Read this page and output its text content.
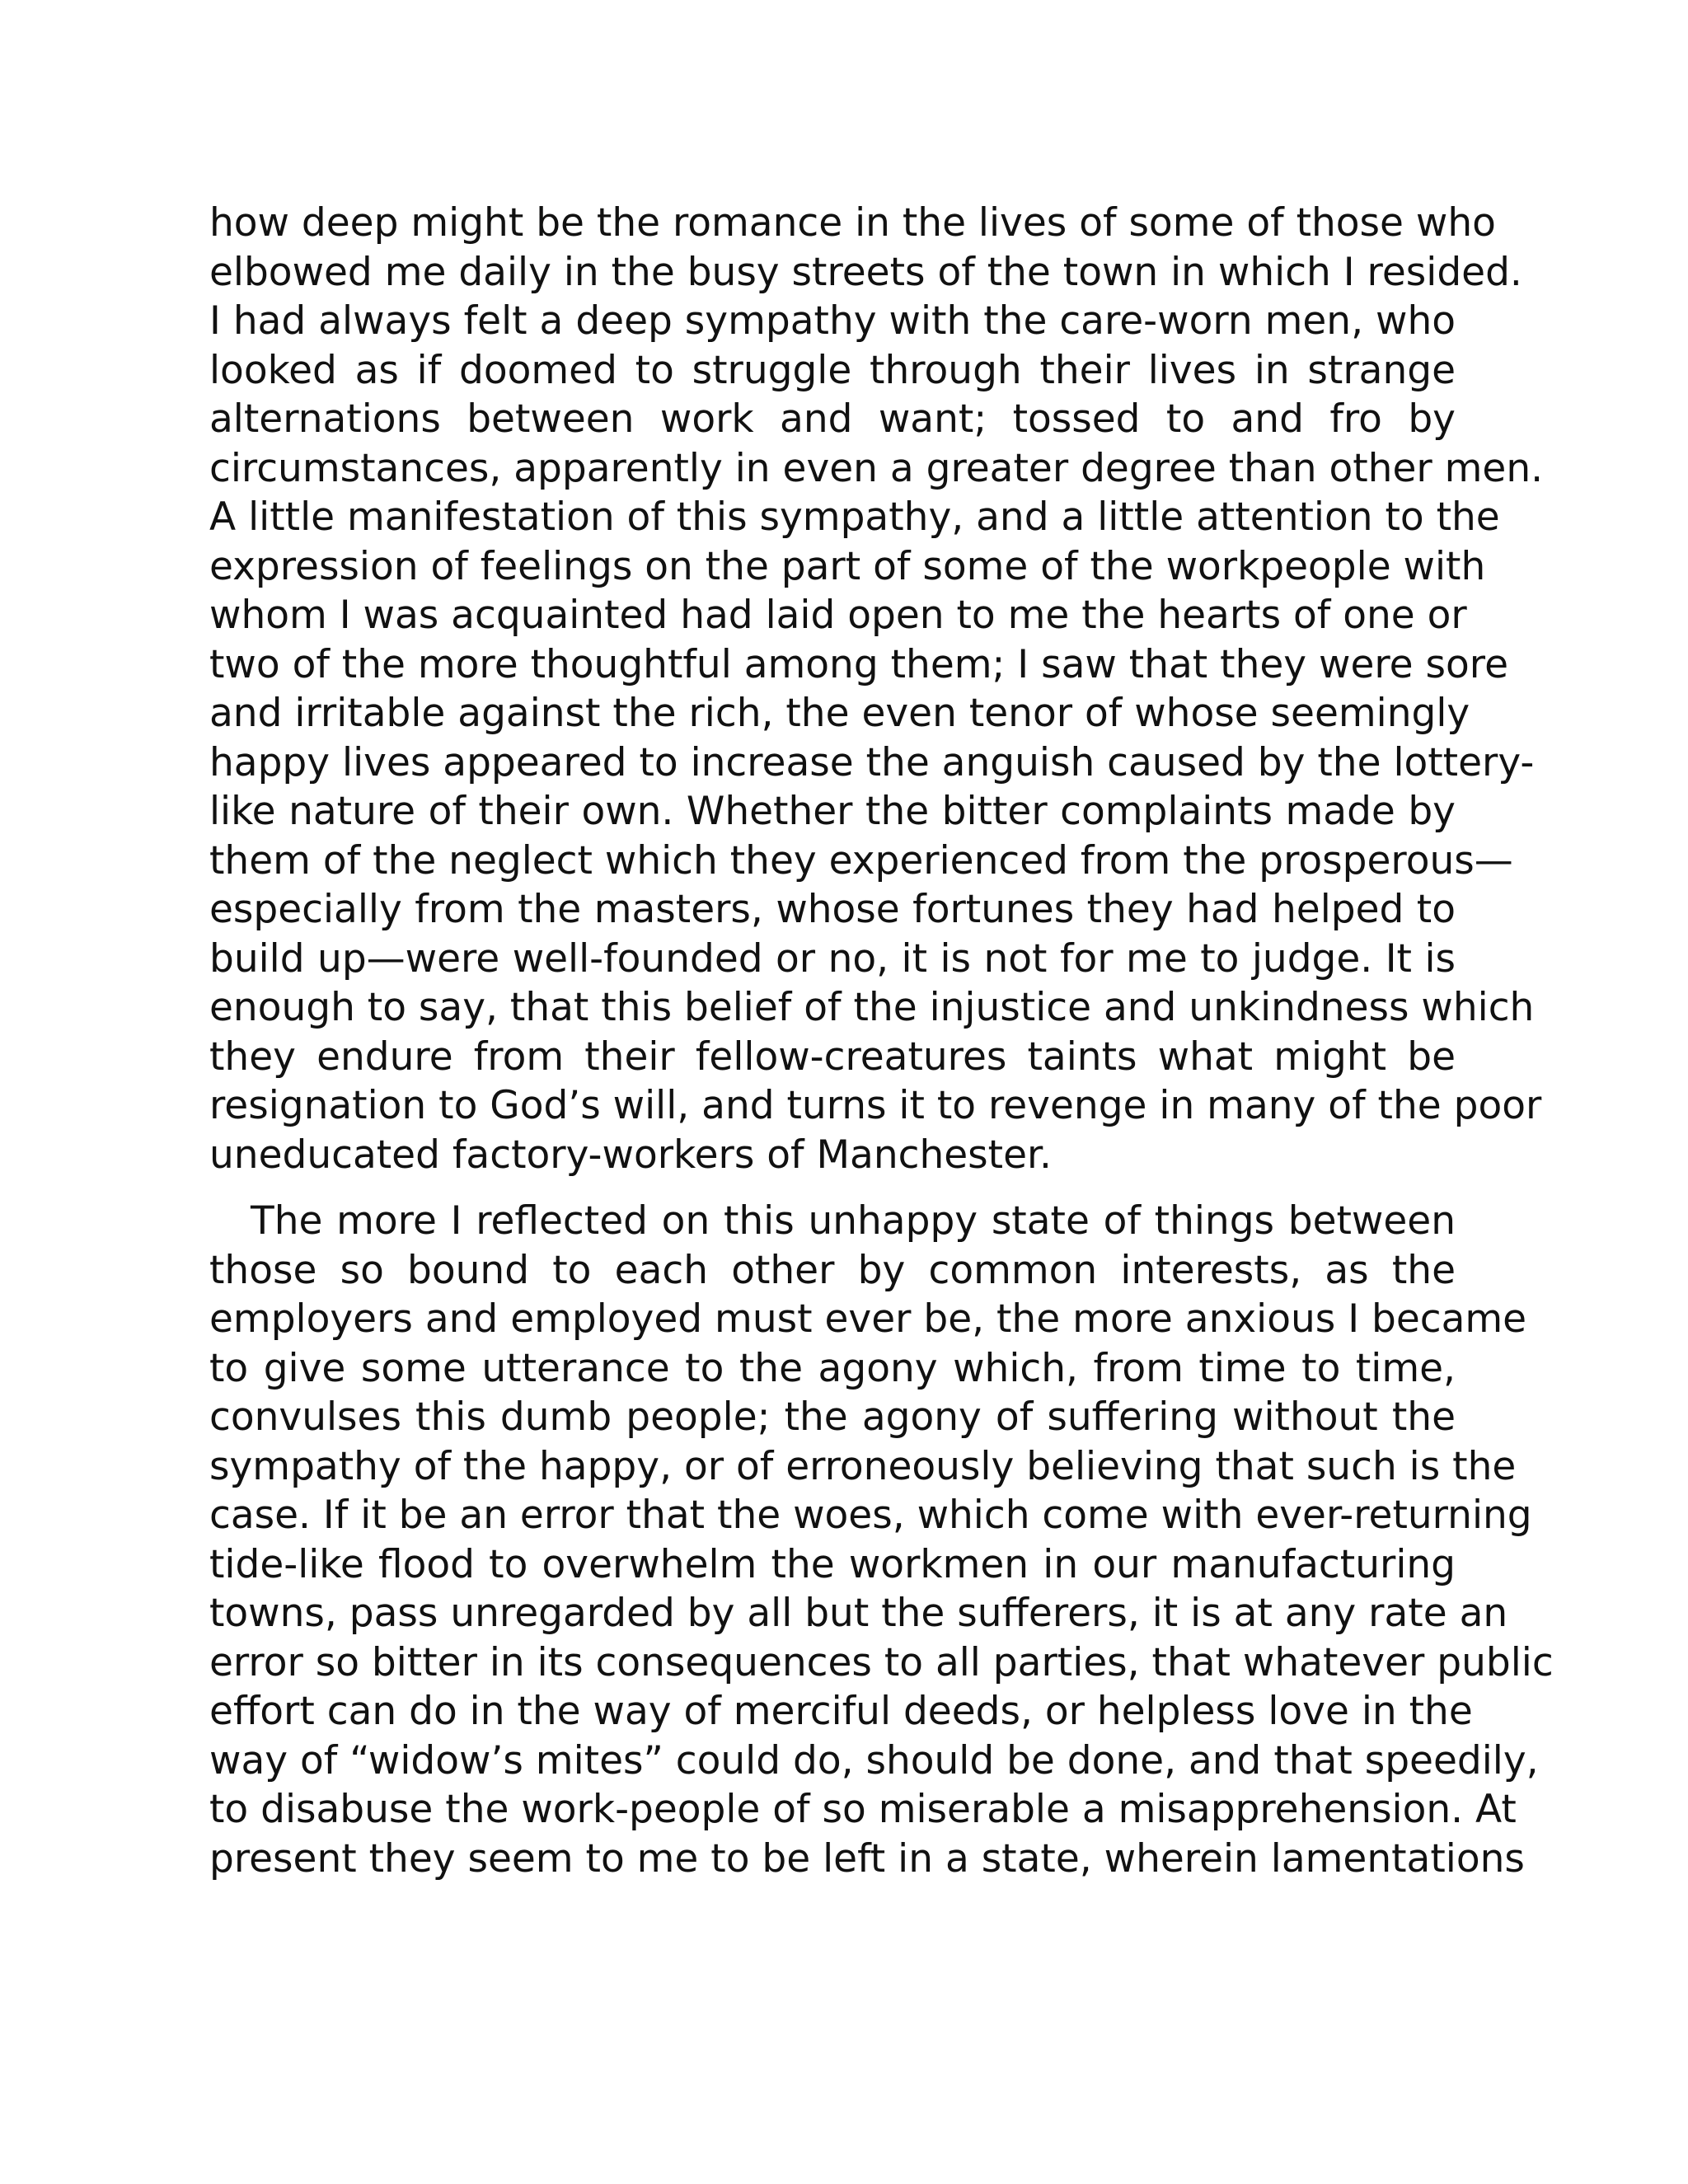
how deep might be the romance in the lives of some of those who
elbowed me daily in the busy streets of the town in which I resided.
I had always felt a deep sympathy with the care-worn men, who
looked as if doomed to struggle through their lives in strange
alternations between work and want; tossed to and fro by
circumstances, apparently in even a greater degree than other men.
A little manifestation of this sympathy, and a little attention to the
expression of feelings on the part of some of the workpeople with
whom I was acquainted had laid open to me the hearts of one or
two of the more thoughtful among them; I saw that they were sore
and irritable against the rich, the even tenor of whose seemingly
happy lives appeared to increase the anguish caused by the lottery-
like nature of their own. Whether the bitter complaints made by
them of the neglect which they experienced from the prosperous—
especially from the masters, whose fortunes they had helped to
build up—were well-founded or no, it is not for me to judge. It is
enough to say, that this belief of the injustice and unkindness which
they endure from their fellow-creatures taints what might be
resignation to God’s will, and turns it to revenge in many of the poor
uneducated factory-workers of Manchester.
The more I reflected on this unhappy state of things between
those so bound to each other by common interests, as the
employers and employed must ever be, the more anxious I became
to give some utterance to the agony which, from time to time,
convulses this dumb people; the agony of suffering without the
sympathy of the happy, or of erroneously believing that such is the
case. If it be an error that the woes, which come with ever-returning
tide-like flood to overwhelm the workmen in our manufacturing
towns, pass unregarded by all but the sufferers, it is at any rate an
error so bitter in its consequences to all parties, that whatever public
effort can do in the way of merciful deeds, or helpless love in the
way of “widow’s mites” could do, should be done, and that speedily,
to disabuse the work-people of so miserable a misapprehension. At
present they seem to me to be left in a state, wherein lamentations
